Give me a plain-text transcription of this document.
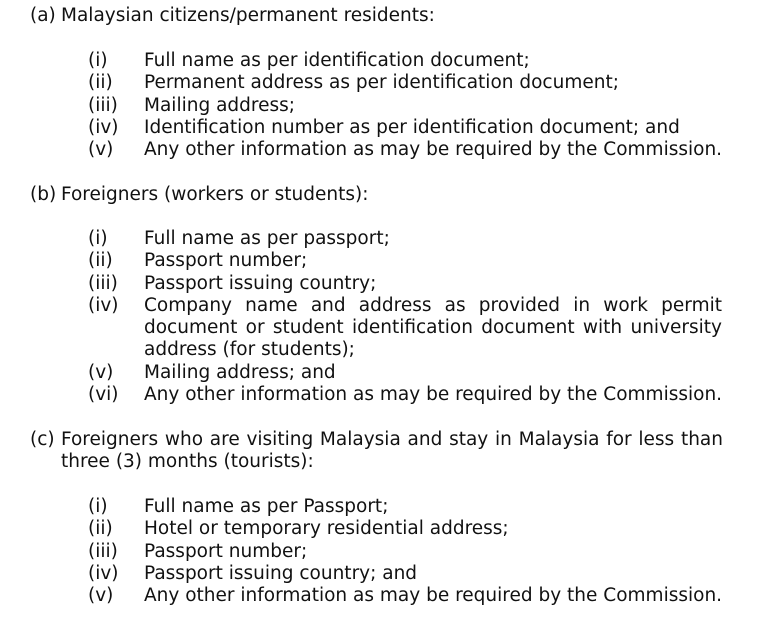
(a) Malaysian citizens/permanent residents:
(i) Full name as per identification document;
(ii) Permanent address as per identification document;
(iii) Mailing address;
(iv) Identification number as per identification document; and
(v) Any other information as may be required by the Commission.
(b) Foreigners (workers or students):
(i) Full name as per passport;
(ii) Passport number;
(iii) Passport issuing country;
(iv) Company name and address as provided in work permit document or student identification document with university address (for students);
(v) Mailing address; and
(vi) Any other information as may be required by the Commission.
(c) Foreigners who are visiting Malaysia and stay in Malaysia for less than three (3) months (tourists):
(i) Full name as per Passport;
(ii) Hotel or temporary residential address;
(iii) Passport number;
(iv) Passport issuing country; and
(v) Any other information as may be required by the Commission.
